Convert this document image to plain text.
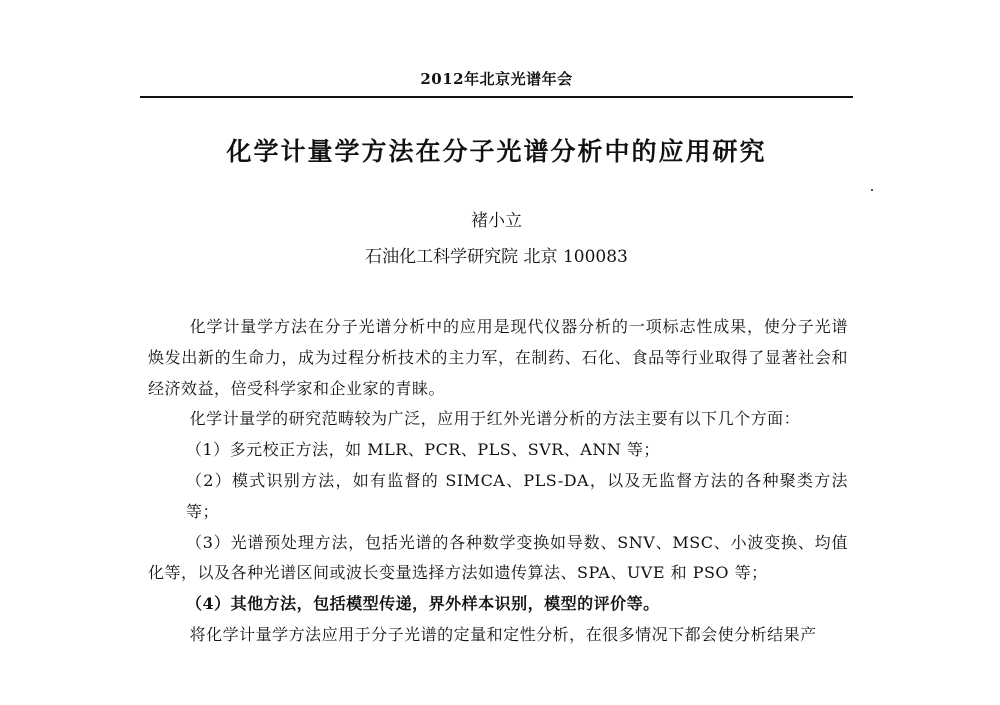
2012年北京光谱年会
化学计量学方法在分子光谱分析中的应用研究
褚小立
石油化工科学研究院 北京 100083

化学计量学方法在分子光谱分析中的应用是现代仪器分析的一项标志性成果，使分子光谱焕发出新的生命力，成为过程分析技术的主力军，在制药、石化、食品等行业取得了显著社会和经济效益，倍受科学家和企业家的青睐。

化学计量学的研究范畴较为广泛，应用于红外光谱分析的方法主要有以下几个方面：

（1）多元校正方法，如 MLR、PCR、PLS、SVR、ANN 等；

（2）模式识别方法，如有监督的 SIMCA、PLS-DA，以及无监督方法的各种聚类方法等；

（3）光谱预处理方法，包括光谱的各种数学变换如导数、SNV、MSC、小波变换、均值化等，以及各种光谱区间或波长变量选择方法如遗传算法、SPA、UVE 和 PSO 等；

（4）其他方法，包括模型传递，界外样本识别，模型的评价等。

将化学计量学方法应用于分子光谱的定量和定性分析，在很多情况下都会使分析结果产
